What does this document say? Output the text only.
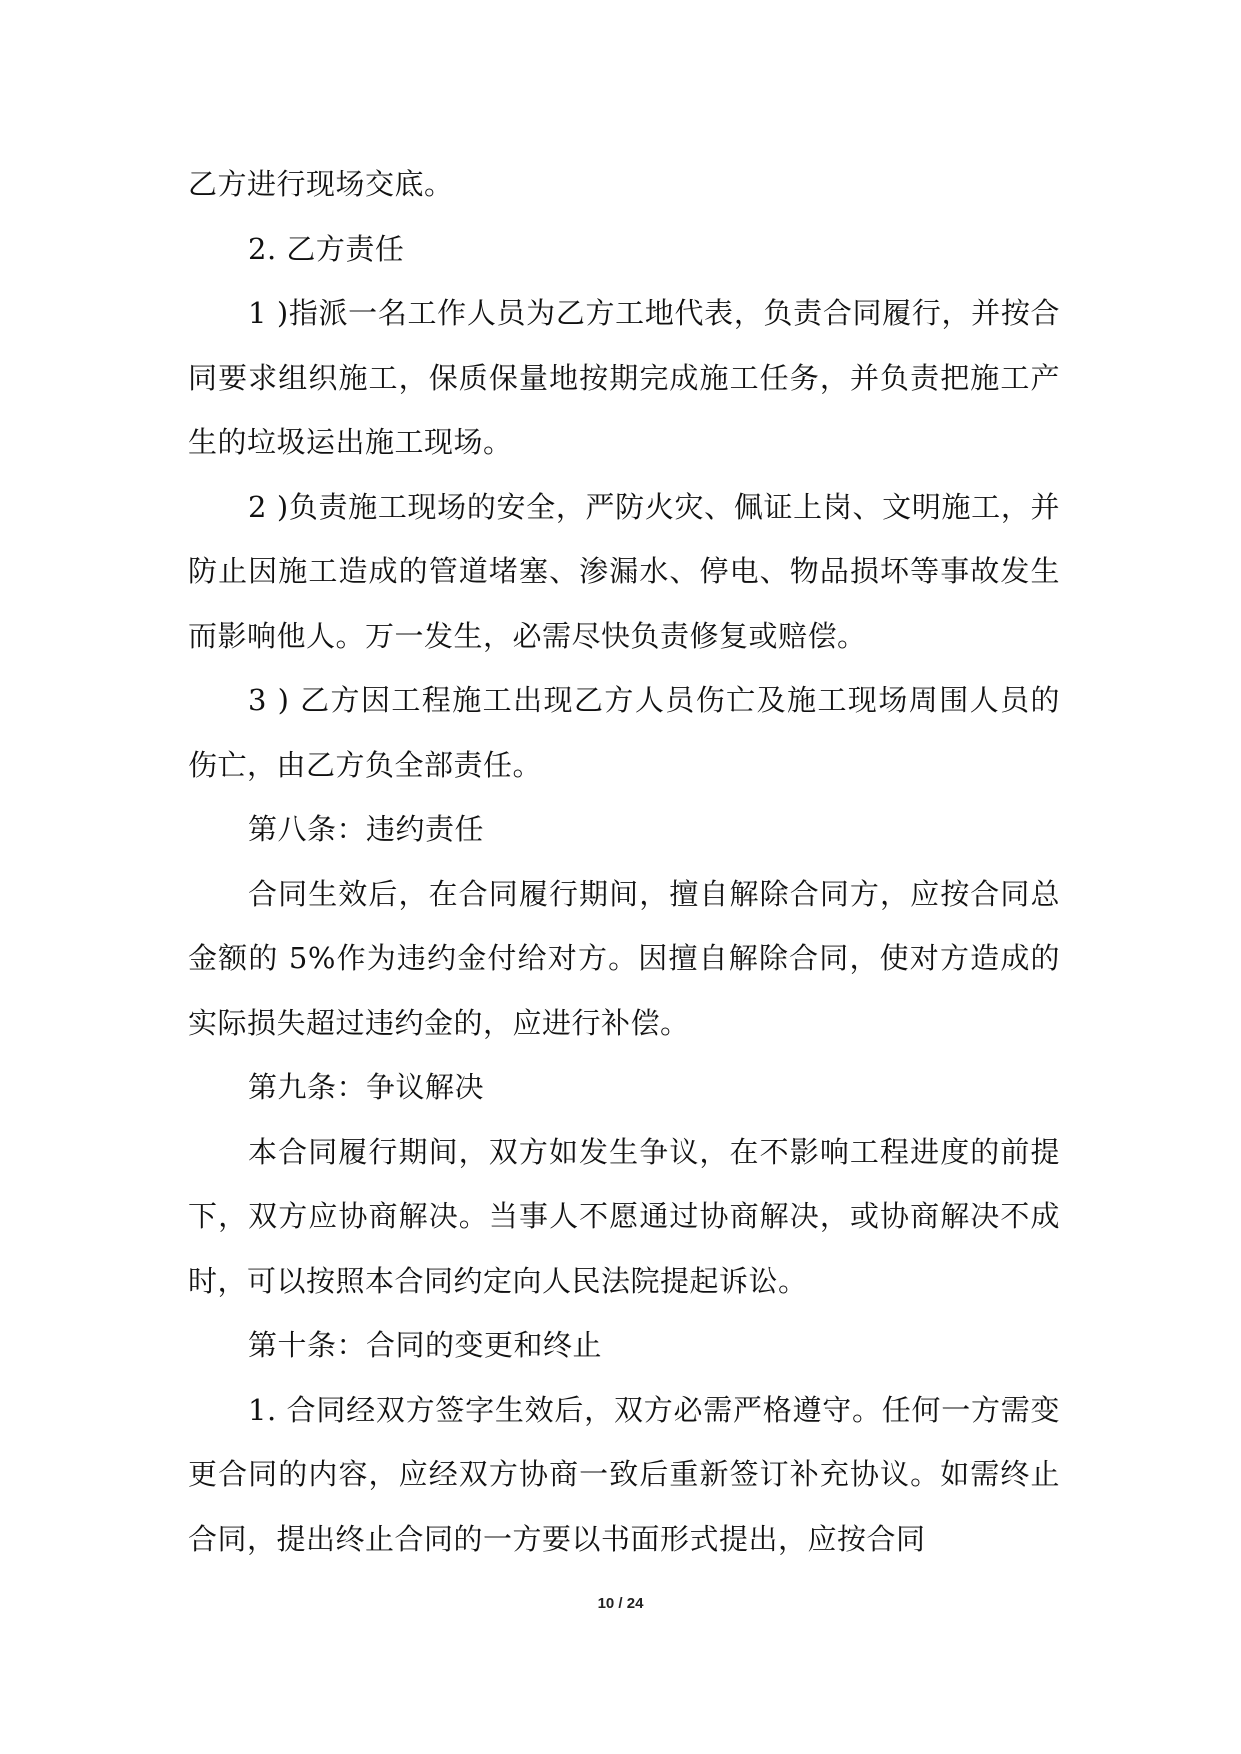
乙方进行现场交底。

2. 乙方责任

1 )指派一名工作人员为乙方工地代表，负责合同履行，并按合同要求组织施工，保质保量地按期完成施工任务，并负责把施工产生的垃圾运出施工现场。

2 )负责施工现场的安全，严防火灾、佩证上岗、文明施工，并防止因施工造成的管道堵塞、渗漏水、停电、物品损坏等事故发生而影响他人。万一发生，必需尽快负责修复或赔偿。

3 ) 乙方因工程施工出现乙方人员伤亡及施工现场周围人员的伤亡，由乙方负全部责任。

第八条：违约责任

合同生效后，在合同履行期间，擅自解除合同方，应按合同总金额的 5%作为违约金付给对方。因擅自解除合同，使对方造成的实际损失超过违约金的，应进行补偿。

第九条：争议解决

本合同履行期间，双方如发生争议，在不影响工程进度的前提下，双方应协商解决。当事人不愿通过协商解决，或协商解决不成时，可以按照本合同约定向人民法院提起诉讼。

第十条：合同的变更和终止

1. 合同经双方签字生效后，双方必需严格遵守。任何一方需变更合同的内容，应经双方协商一致后重新签订补充协议。如需终止合同，提出终止合同的一方要以书面形式提出，应按合同

10 / 24
